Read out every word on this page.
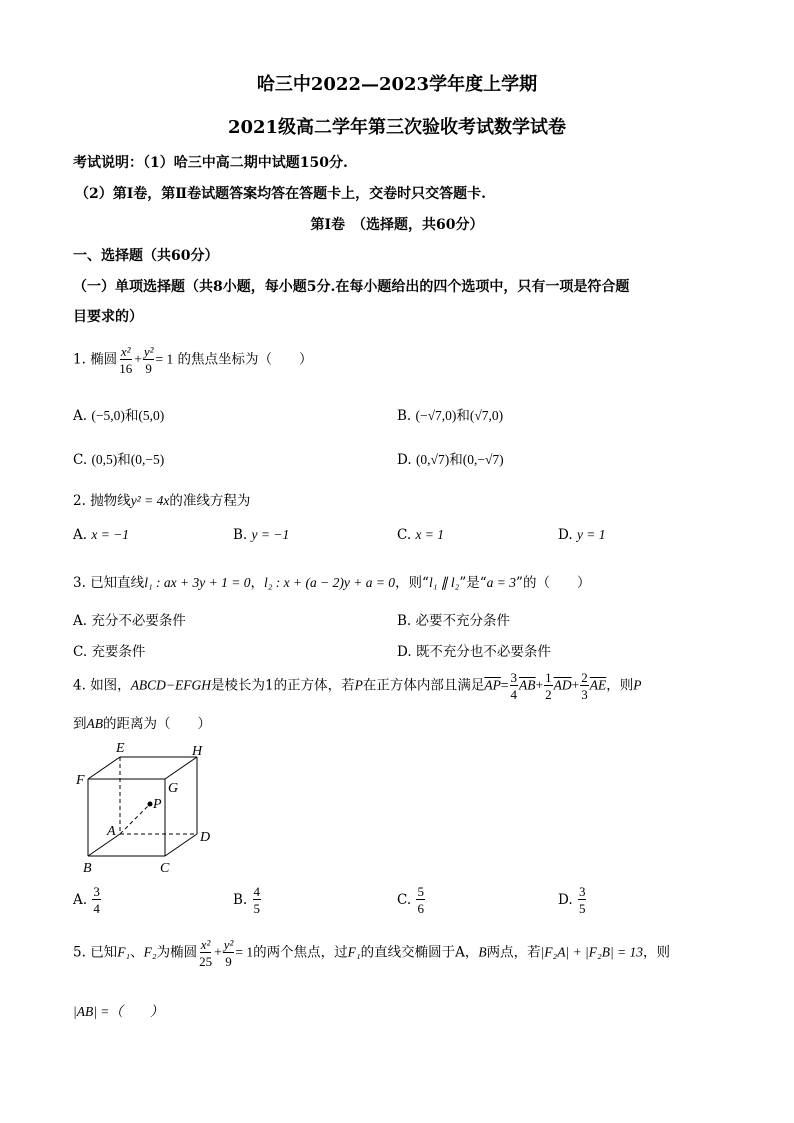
哈三中2022—2023学年度上学期
2021级高二学年第三次验收考试数学试卷
考试说明：（1）哈三中高二期中试题150分.
（2）第Ⅰ卷，第Ⅱ卷试题答案均答在答题卡上，交卷时只交答题卡.
第Ⅰ卷　（选择题，共60分）
一、选择题（共60分）
（一）单项选择题（共8小题，每小题5分.在每小题给出的四个选项中，只有一项是符合题
目要求的）
1. 椭圆 $\frac{\text{x²}}{16} + \frac{\text{y²}}{9} = 1$ 的焦点坐标为（　　）
A. (−5,0)和(5,0)	B. (−√7,0)和(√7,0)
C. (0,5)和(0,−5)	D. (0,√7)和(0,−√7)
2. 抛物线y² = 4x的准线方程为
A. x = −1	B. y = −1	C. x = 1	D. y = 1
3. 已知直线l₁ : ax + 3y + 1 = 0，l₂ : x + (a − 2)y + a = 0，则“l₁ ∥ l₂”是“a = 3”的（　　）
A. 充分不必要条件	B. 必要不充分条件
C. 充要条件	D. 既不充分也不必要条件
4. 如图，ABCD−EFGH是棱长为1的正方体，若P在正方体内部且满足$\overline{AP}= \frac{3}{4} \overline{AB}+ \frac{1}{2} \overline{AD}+ \frac{2}{3} \overline{AE}$，则P
到AB的距离为（　　）
E	H
F
G
P
A	D
B	C
A. $\frac{3}{4}$	B. $\frac{4}{5}$	C. $\frac{5}{6}$	D. $\frac{3}{5}$
5. 已知F₁、F₂为椭圆 $\frac{\text{x²}}{25} + \frac{\text{y²}}{9} = 1$的两个焦点，过F₁的直线交椭圆于A，B两点，若|F₂A| + |F₂B| = 13，则
|AB| =（　　）
